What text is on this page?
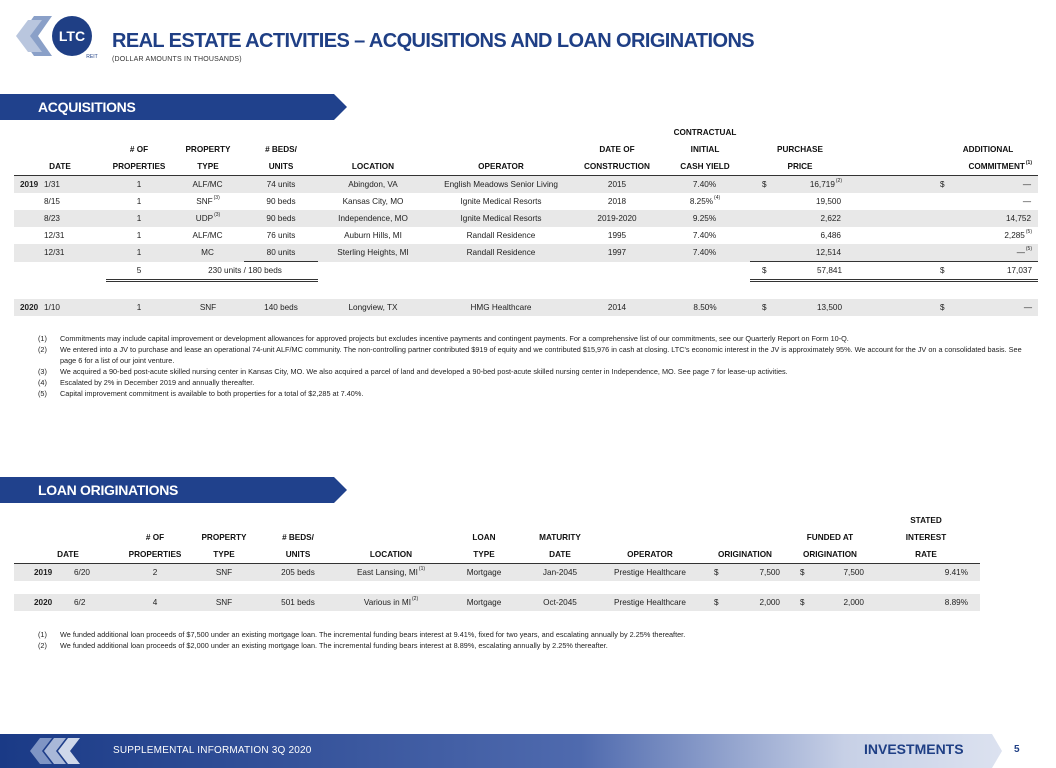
LTC
REIT
REAL ESTATE ACTIVITIES – ACQUISITIONS AND LOAN ORIGINATIONS
(DOLLAR AMOUNTS IN THOUSANDS)
ACQUISITIONS
							CONTRACTUAL			
	# OF	PROPERTY	# BEDS/			DATE OF	INITIAL	PURCHASE		ADDITIONAL
DATE	PROPERTIES	TYPE	UNITS	LOCATION	OPERATOR	CONSTRUCTION	CASH YIELD	PRICE		COMMITMENT$^{(1)}$
2019 1/31	1	ALF/MC	74 units	Abingdon, VA	English Meadows Senior Living	2015	7.40%	$ 16,719$^{(2)}$	$ —	

8/15	1	SNF$^{(3)}$	90 beds	Kansas City, MO	Ignite Medical Resorts	2018	8.25%$^{(4)}$	19,500	—	

8/23	1	UDP$^{(3)}$	90 beds	Independence, MO	Ignite Medical Resorts	2019-2020	9.25%	2,622	14,752	

12/31	1	ALF/MC	76 units	Auburn Hills, MI	Randall Residence	1995	7.40%	6,486	2,285$^{(5)}$

12/31	1	MC	80 units	Sterling Heights, MI	Randall Residence	1997	7.40%	12,514	—$^{(5)}$

	5	230 units / 180 beds						$ 57,841	$ 17,037	

2020 1/10	1	SNF	140 beds	Longview, TX	HMG Healthcare	2014	8.50%	$ 13,500	$ —	
(1)	Commitments may include capital improvement or development allowances for approved projects but excludes incentive payments and contingent payments. For a comprehensive list of our commitments, see our Quarterly Report on Form 10-Q.
(2)	We entered into a JV to purchase and lease an operational 74-unit ALF/MC community. The non-controlling partner contributed $919 of equity and we contributed $15,976 in cash at closing. LTC's economic interest in the JV is approximately 95%. We account for the JV on a consolidated basis. See page 6 for a list of our joint venture.
(3)	We acquired a 90-bed post-acute skilled nursing center in Kansas City, MO. We also acquired a parcel of land and developed a 90-bed post-acute skilled nursing center in Independence, MO. See page 7 for lease-up activities.
(4)	Escalated by 2% in December 2019 and annually thereafter.
(5)	Capital improvement commitment is available to both properties for a total of $2,285 at 7.40%.
LOAN ORIGINATIONS
										STATED
	# OF	PROPERTY	# BEDS/		LOAN	MATURITY			FUNDED AT	INTEREST
DATE	PROPERTIES	TYPE	UNITS	LOCATION	TYPE	DATE	OPERATOR	ORIGINATION	ORIGINATION	RATE
2019 6/20	2	SNF	205 beds	East Lansing, MI$^{(1)}$	Mortgage	Jan-2045	Prestige Healthcare	$ 7,500	$ 7,500	9.41%

2020 6/2	4	SNF	501 beds	Various in MI$^{(2)}$	Mortgage	Oct-2045	Prestige Healthcare	$ 2,000	$ 2,000	8.89%
(1)	We funded additional loan proceeds of $7,500 under an existing mortgage loan. The incremental funding bears interest at 9.41%, fixed for two years, and escalating annually by 2.25% thereafter.
(2)	We funded additional loan proceeds of $2,000 under an existing mortgage loan. The incremental funding bears interest at 8.89%, escalating annually by 2.25% thereafter.
SUPPLEMENTAL INFORMATION 3Q 2020	INVESTMENTS	5
